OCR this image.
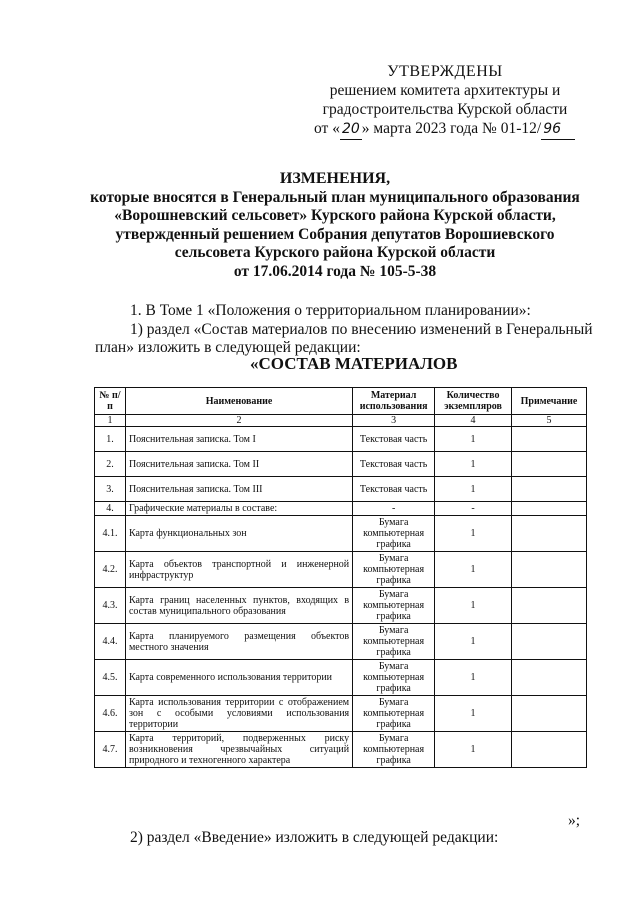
УТВЕРЖДЕНЫ
решением комитета архитектуры и
градостроительства Курской области
от « 20 » марта 2023 года № 01-12/ 96
ИЗМЕНЕНИЯ,
которые вносятся в Генеральный план муниципального образования
«Ворошневский сельсовет» Курского района Курской области,
утвержденный решением Собрания депутатов Ворошиевского
сельсовета Курского района Курской области
от 17.06.2014 года № 105-5-38
1. В Томе 1 «Положения о территориальном планировании»:
1) раздел «Состав материалов по внесению изменений в Генеральный
план» изложить в следующей редакции:
«СОСТАВ МАТЕРИАЛОВ
№ п/п	Наименование	Материал использования	Количество экземпляров	Примечание
1	2	3	4	5
1.	Пояснительная записка. Том I	Текстовая часть	1	
2.	Пояснительная записка. Том II	Текстовая часть	1	
3.	Пояснительная записка. Том III	Текстовая часть	1	
4.	Графические материалы в составе:	-	-	
4.1.	Карта функциональных зон	Бумага компьютерная графика	1	
4.2.	Карта объектов транспортной и инженерной инфраструктур	Бумага компьютерная графика	1	
4.3.	Карта границ населенных пунктов, входящих в состав муниципального образования	Бумага компьютерная графика	1	
4.4.	Карта планируемого размещения объектов местного значения	Бумага компьютерная графика	1	
4.5.	Карта современного использования территории	Бумага компьютерная графика	1	
4.6.	Карта использования территории с отображением зон с особыми условиями использования территории	Бумага компьютерная графика	1	
4.7.	Карта территорий, подверженных риску возникновения чрезвычайных ситуаций природного и техногенного характера	Бумага компьютерная графика	1	
»;
2) раздел «Введение» изложить в следующей редакции:
